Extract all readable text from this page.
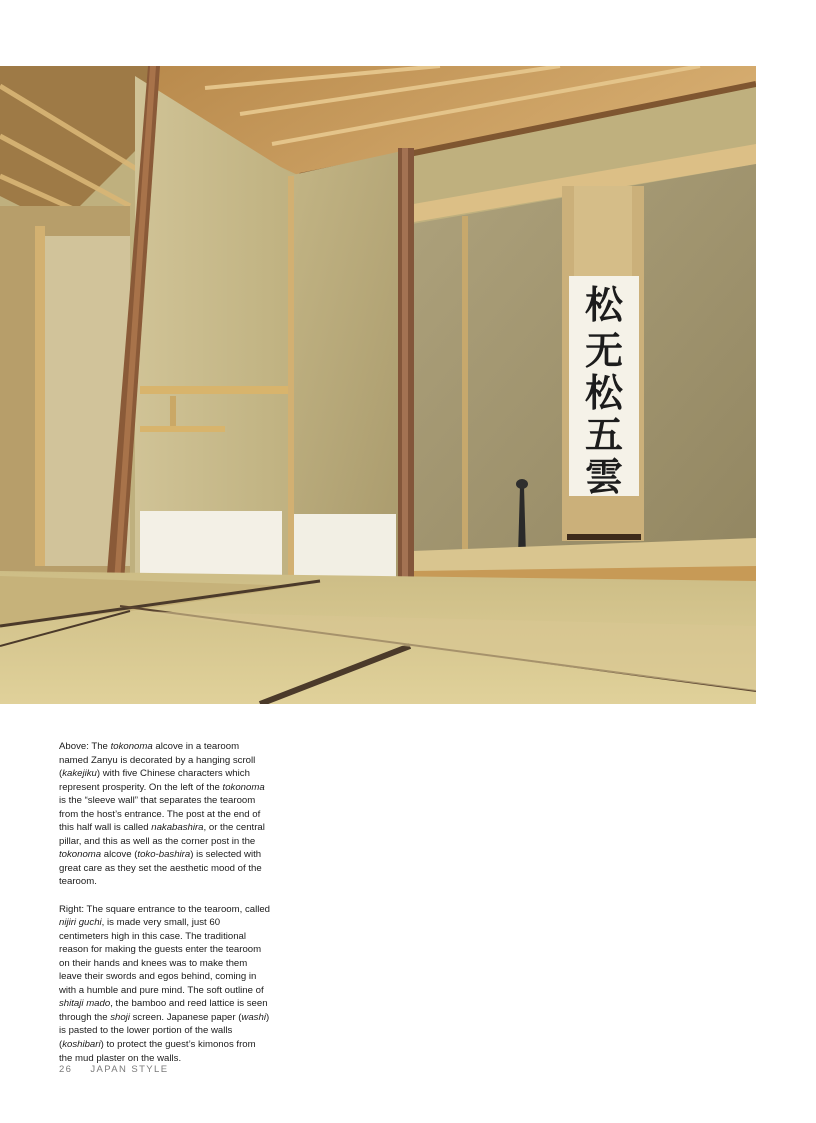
松
无
松
五
雲

Above: The tokonoma alcove in a tearoom named Zanyu is decorated by a hanging scroll (kakejiku) with five Chinese characters which represent prosperity. On the left of the tokonoma is the “sleeve wall” that separates the tearoom from the host’s entrance. The post at the end of this half wall is called nakabashira, or the central pillar, and this as well as the corner post in the tokonoma alcove (toko-bashira) is selected with great care as they set the aesthetic mood of the tearoom.

Right: The square entrance to the tearoom, called nijiri guchi, is made very small, just 60 centimeters high in this case. The traditional reason for making the guests enter the tearoom on their hands and knees was to make them leave their swords and egos behind, coming in with a humble and pure mind. The soft outline of shitaji mado, the bamboo and reed lattice is seen through the shoji screen. Japanese paper (washi) is pasted to the lower portion of the walls (koshibari) to protect the guest’s kimonos from the mud plaster on the walls.

26 JAPAN STYLE
